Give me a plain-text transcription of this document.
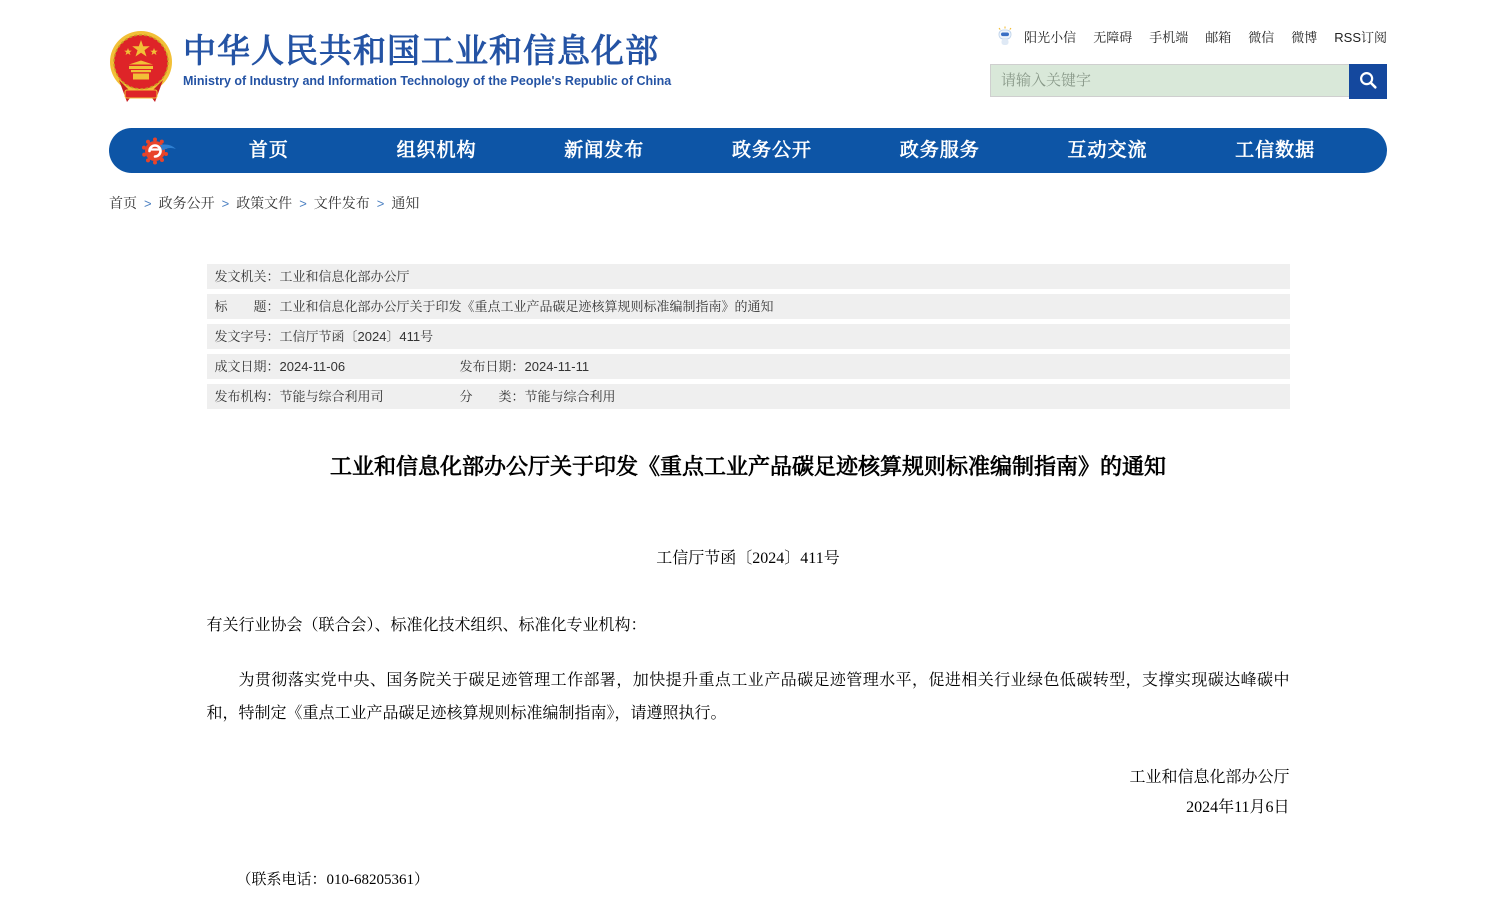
中华人民共和国工业和信息化部
Ministry of Industry and Information Technology of the People's Republic of China
阳光小信 无障碍 手机端 邮箱 微信 微博 RSS订阅
请输入关键字
首页	组织机构	新闻发布	政务公开	政务服务	互动交流	工信数据
首页 > 政务公开 > 政策文件 > 文件发布 > 通知
发文机关：工业和信息化部办公厅
标　　题：工业和信息化部办公厅关于印发《重点工业产品碳足迹核算规则标准编制指南》的通知
发文字号：工信厅节函〔2024〕411号
成文日期：2024-11-06	发布日期：2024-11-11
发布机构：节能与综合利用司	分　　类：节能与综合利用
工业和信息化部办公厅关于印发《重点工业产品碳足迹核算规则标准编制指南》的通知
工信厅节函〔2024〕411号
有关行业协会（联合会）、标准化技术组织、标准化专业机构：

为贯彻落实党中央、国务院关于碳足迹管理工作部署，加快提升重点工业产品碳足迹管理水平，促进相关行业绿色低碳转型，支撑实现碳达峰碳中和，特制定《重点工业产品碳足迹核算规则标准编制指南》，请遵照执行。

工业和信息化部办公厅
2024年11月6日
（联系电话：010-68205361）
